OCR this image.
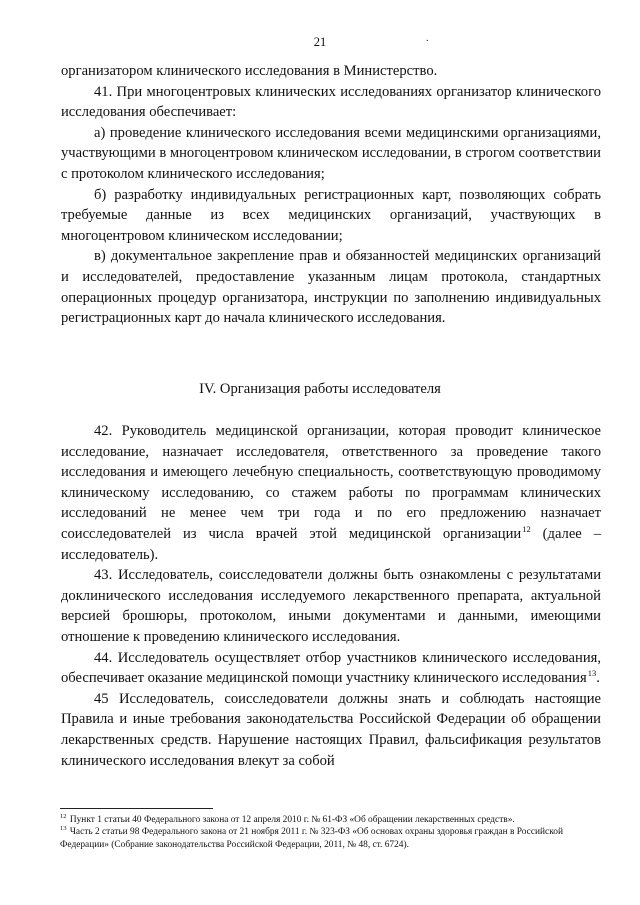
21	.

организатором клинического исследования в Министерство.

41. При многоцентровых клинических исследованиях организатор клинического исследования обеспечивает:

а) проведение клинического исследования всеми медицинскими организациями, участвующими в многоцентровом клиническом исследовании, в строгом соответствии с протоколом клинического исследования;

б) разработку индивидуальных регистрационных карт, позволяющих собрать требуемые данные из всех медицинских организаций, участвующих в многоцентровом клиническом исследовании;

в) документальное закрепление прав и обязанностей медицинских организаций и исследователей, предоставление указанным лицам протокола, стандартных операционных процедур организатора, инструкции по заполнению индивидуальных регистрационных карт до начала клинического исследования.

IV. Организация работы исследователя

42. Руководитель медицинской организации, которая проводит клиническое исследование, назначает исследователя, ответственного за проведение такого исследования и имеющего лечебную специальность, соответствующую проводимому клиническому исследованию, со стажем работы по программам клинических исследований не менее чем три года и по его предложению назначает соисследователей из числа врачей этой медицинской организации$^{12}$ (далее – исследователь).

43. Исследователь, соисследователи должны быть ознакомлены с результатами доклинического исследования исследуемого лекарственного препарата, актуальной версией брошюры, протоколом, иными документами и данными, имеющими отношение к проведению клинического исследования.

44. Исследователь осуществляет отбор участников клинического исследования, обеспечивает оказание медицинской помощи участнику клинического исследования$^{13}$.

45 Исследователь, соисследователи должны знать и соблюдать настоящие Правила и иные требования законодательства Российской Федерации об обращении лекарственных средств. Нарушение настоящих Правил, фальсификация результатов клинического исследования влекут за собой

$^{12}$ Пункт 1 статьи 40 Федерального закона от 12 апреля 2010 г. № 61-ФЗ «Об обращении лекарственных средств».

$^{13}$ Часть 2 статьи 98 Федерального закона от 21 ноября 2011 г. № 323-ФЗ «Об основах охраны здоровья граждан в Российской Федерации» (Собрание законодательства Российской Федерации, 2011, № 48, ст. 6724).
